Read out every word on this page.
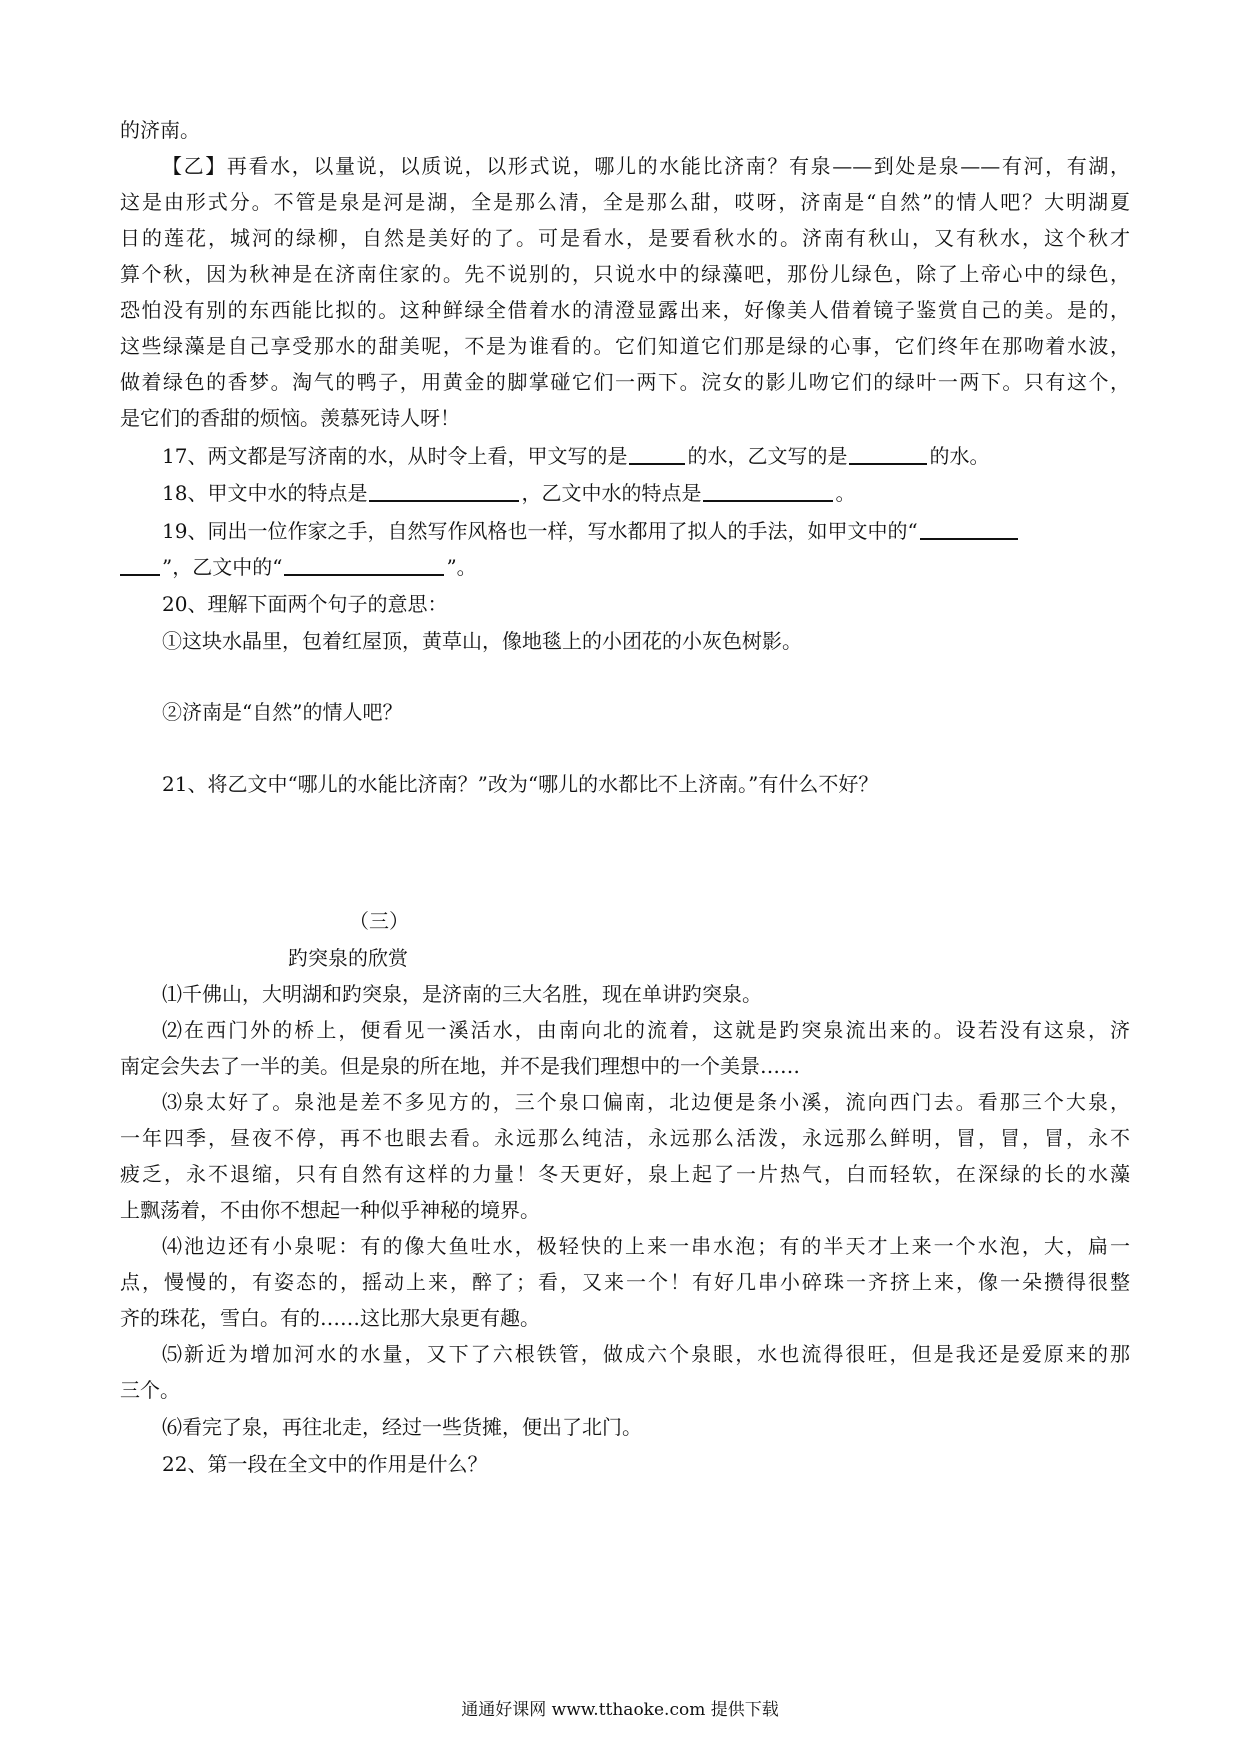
的济南。
【乙】再看水，以量说，以质说，以形式说，哪儿的水能比济南？有泉——到处是泉——有河，有湖，
这是由形式分。不管是泉是河是湖，全是那么清，全是那么甜，哎呀，济南是“自然”的情人吧？大明湖夏
日的莲花，城河的绿柳，自然是美好的了。可是看水，是要看秋水的。济南有秋山，又有秋水，这个秋才
算个秋，因为秋神是在济南住家的。先不说别的，只说水中的绿藻吧，那份儿绿色，除了上帝心中的绿色，
恐怕没有别的东西能比拟的。这种鲜绿全借着水的清澄显露出来，好像美人借着镜子鉴赏自己的美。是的，
这些绿藻是自己享受那水的甜美呢，不是为谁看的。它们知道它们那是绿的心事，它们终年在那吻着水波，
做着绿色的香梦。淘气的鸭子，用黄金的脚掌碰它们一两下。浣女的影儿吻它们的绿叶一两下。只有这个，
是它们的香甜的烦恼。羡慕死诗人呀！
17、两文都是写济南的水，从时令上看，甲文写的是	的水，乙文写的是	的水。
18、甲文中水的特点是	，乙文中水的特点是	。
19、同出一位作家之手，自然写作风格也一样，写水都用了拟人的手法，如甲文中的“
”，乙文中的“	”。
20、理解下面两个句子的意思：
①这块水晶里，包着红屋顶，黄草山，像地毯上的小团花的小灰色树影。
②济南是“自然”的情人吧？
21、将乙文中“哪儿的水能比济南？”改为“哪儿的水都比不上济南。”有什么不好？
（三）
趵突泉的欣赏
⑴千佛山，大明湖和趵突泉，是济南的三大名胜，现在单讲趵突泉。
⑵在西门外的桥上，便看见一溪活水，由南向北的流着，这就是趵突泉流出来的。设若没有这泉，济
南定会失去了一半的美。但是泉的所在地，并不是我们理想中的一个美景……
⑶泉太好了。泉池是差不多见方的，三个泉口偏南，北边便是条小溪，流向西门去。看那三个大泉，
一年四季，昼夜不停，再不也眼去看。永远那么纯洁，永远那么活泼，永远那么鲜明，冒，冒，冒，永不
疲乏，永不退缩，只有自然有这样的力量！冬天更好，泉上起了一片热气，白而轻软，在深绿的长的水藻
上飘荡着，不由你不想起一种似乎神秘的境界。
⑷池边还有小泉呢：有的像大鱼吐水，极轻快的上来一串水泡；有的半天才上来一个水泡，大，扁一
点，慢慢的，有姿态的，摇动上来，醉了；看，又来一个！有好几串小碎珠一齐挤上来，像一朵攒得很整
齐的珠花，雪白。有的……这比那大泉更有趣。
⑸新近为增加河水的水量，又下了六根铁管，做成六个泉眼，水也流得很旺，但是我还是爱原来的那
三个。
⑹看完了泉，再往北走，经过一些货摊，便出了北门。
22、第一段在全文中的作用是什么？
通通好课网 www.tthaoke.com 提供下载
